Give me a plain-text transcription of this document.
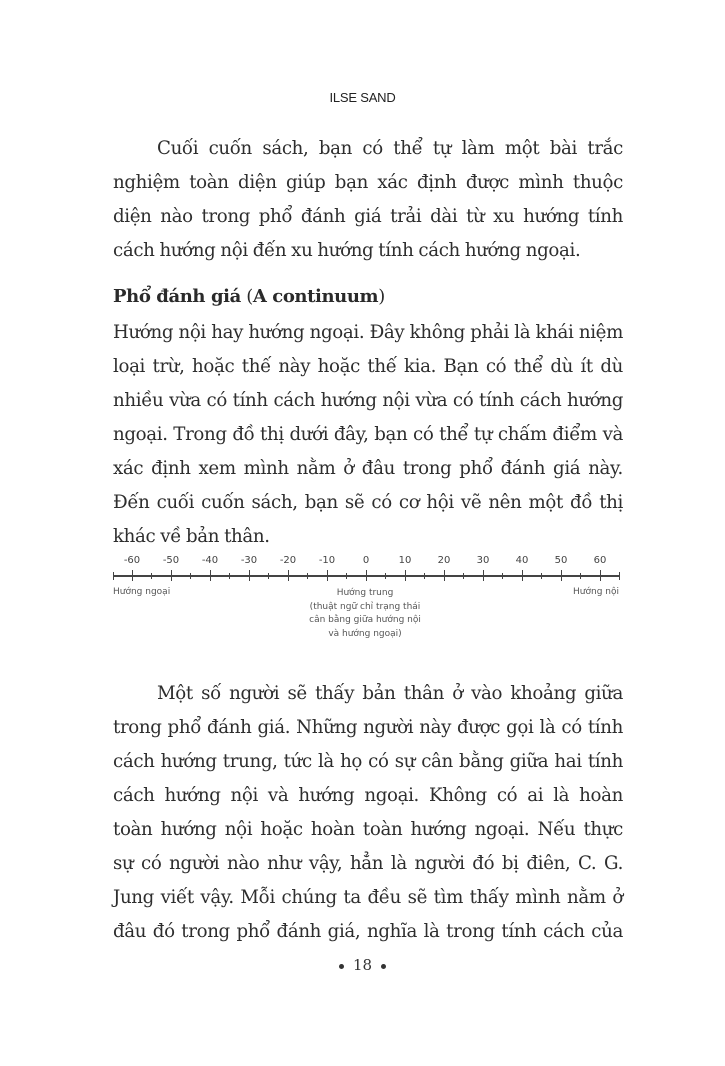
ILSE SAND
Cuối cuốn sách, bạn có thể tự làm một bài trắc
nghiệm toàn diện giúp bạn xác định được mình thuộc
diện nào trong phổ đánh giá trải dài từ xu hướng tính
cách hướng nội đến xu hướng tính cách hướng ngoại.
Phổ đánh giá (A continuum)
Hướng nội hay hướng ngoại. Đây không phải là khái niệm
loại trừ, hoặc thế này hoặc thế kia. Bạn có thể dù ít dù
nhiều vừa có tính cách hướng nội vừa có tính cách hướng
ngoại. Trong đồ thị dưới đây, bạn có thể tự chấm điểm và
xác định xem mình nằm ở đâu trong phổ đánh giá này.
Đến cuối cuốn sách, bạn sẽ có cơ hội vẽ nên một đồ thị
khác về bản thân.
-60 -50 -40 -30 -20 -10	0	10	20	30	40	50	60
Hướng ngoại	Hướng nội
Hướng trung
(thuật ngữ chỉ trạng thái
cân bằng giữa hướng nội
và hướng ngoại)
Một số người sẽ thấy bản thân ở vào khoảng giữa
trong phổ đánh giá. Những người này được gọi là có tính
cách hướng trung, tức là họ có sự cân bằng giữa hai tính
cách hướng nội và hướng ngoại. Không có ai là hoàn
toàn hướng nội hoặc hoàn toàn hướng ngoại. Nếu thực
sự có người nào như vậy, hẳn là người đó bị điên, C. G.
Jung viết vậy. Mỗi chúng ta đều sẽ tìm thấy mình nằm ở
đâu đó trong phổ đánh giá, nghĩa là trong tính cách của
18
